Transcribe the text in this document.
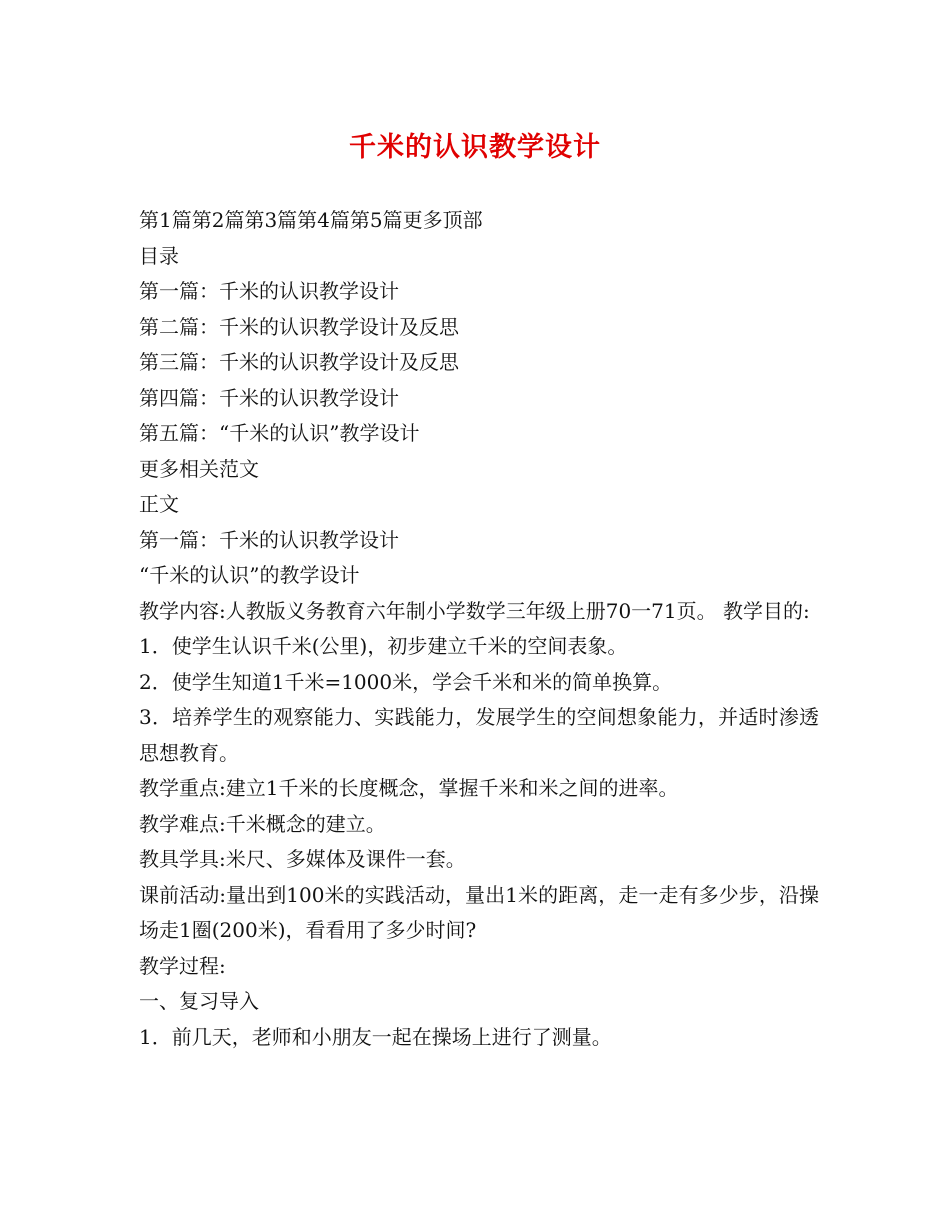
千米的认识教学设计
第1篇第2篇第3篇第4篇第5篇更多顶部
目录
第一篇：千米的认识教学设计
第二篇：千米的认识教学设计及反思
第三篇：千米的认识教学设计及反思
第四篇：千米的认识教学设计
第五篇：“千米的认识”教学设计
更多相关范文
正文
第一篇：千米的认识教学设计
“千米的认识”的教学设计
教学内容:人教版义务教育六年制小学数学三年级上册70一71页。 教学目的:
1．使学生认识千米(公里)，初步建立千米的空间表象。
2．使学生知道1千米=1000米，学会千米和米的简单换算。
3．培养学生的观察能力、实践能力，发展学生的空间想象能力，并适时渗透思想教育。
教学重点:建立1千米的长度概念，掌握千米和米之间的进率。
教学难点:千米概念的建立。
教具学具:米尺、多媒体及课件一套。
课前活动:量出到100米的实践活动，量出1米的距离，走一走有多少步，沿操场走1圈(200米)，看看用了多少时间?
教学过程:
一、复习导入
1．前几天，老师和小朋友一起在操场上进行了测量。
